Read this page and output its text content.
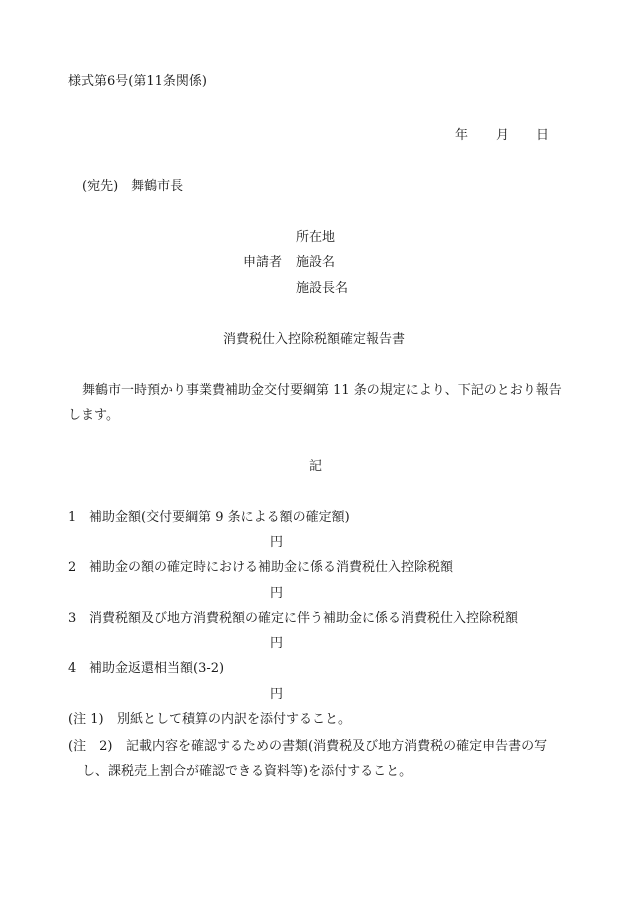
様式第6号(第11条関係)
年 月 日
(宛先)　舞鶴市長
所在地
申請者 施設名
施設長名
消費税仕入控除税額確定報告書
舞鶴市一時預かり事業費補助金交付要綱第 11 条の規定により、下記のとおり報告
します。
記
1 補助金額(交付要綱第 9 条による額の確定額)
円
2 補助金の額の確定時における補助金に係る消費税仕入控除税額
円
3 消費税額及び地方消費税額の確定に伴う補助金に係る消費税仕入控除税額
円
4 補助金返還相当額(3-2)
円
(注 1) 別紙として積算の内訳を添付すること。
(注　2) 記載内容を確認するための書類(消費税及び地方消費税の確定申告書の写
し、課税売上割合が確認できる資料等)を添付すること。
